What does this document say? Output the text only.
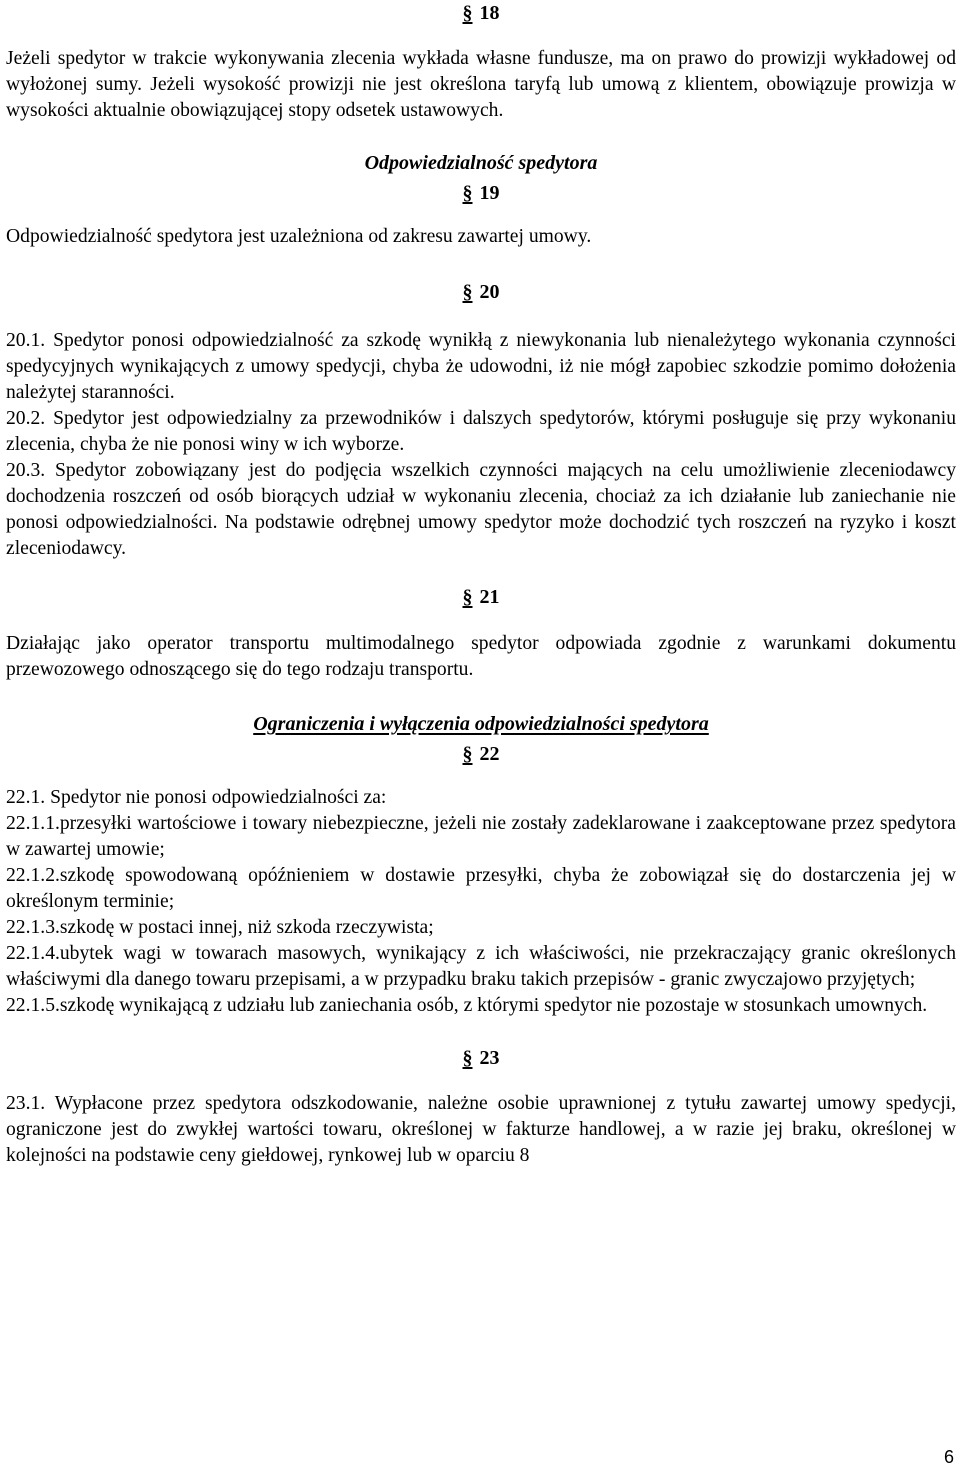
§ 18

Jeżeli spedytor w trakcie wykonywania zlecenia wykłada własne fundusze, ma on prawo do prowizji wykładowej od wyłożonej sumy. Jeżeli wysokość prowizji nie jest określona taryfą lub umową z klientem, obowiązuje prowizja w wysokości aktualnie obowiązującej stopy odsetek ustawowych.

Odpowiedzialność spedytora
§ 19

Odpowiedzialność spedytora jest uzależniona od zakresu zawartej umowy.

§ 20

20.1. Spedytor ponosi odpowiedzialność za szkodę wynikłą z niewykonania lub nienależytego wykonania czynności spedycyjnych wynikających z umowy spedycji, chyba że udowodni, iż nie mógł zapobiec szkodzie pomimo dołożenia należytej staranności.

20.2. Spedytor jest odpowiedzialny za przewodników i dalszych spedytorów, którymi posługuje się przy wykonaniu zlecenia, chyba że nie ponosi winy w ich wyborze.

20.3. Spedytor zobowiązany jest do podjęcia wszelkich czynności mających na celu umożliwienie zleceniodawcy dochodzenia roszczeń od osób biorących udział w wykonaniu zlecenia, chociaż za ich działanie lub zaniechanie nie ponosi odpowiedzialności. Na podstawie odrębnej umowy spedytor może dochodzić tych roszczeń na ryzyko i koszt zleceniodawcy.

§ 21

Działając jako operator transportu multimodalnego spedytor odpowiada zgodnie z warunkami dokumentu przewozowego odnoszącego się do tego rodzaju transportu.

Ograniczenia i wyłączenia odpowiedzialności spedytora
§ 22

22.1. Spedytor nie ponosi odpowiedzialności za:

22.1.1.przesyłki wartościowe i towary niebezpieczne, jeżeli nie zostały zadeklarowane i zaakceptowane przez spedytora w zawartej umowie;

22.1.2.szkodę spowodowaną opóźnieniem w dostawie przesyłki, chyba że zobowiązał się do dostarczenia jej w określonym terminie;

22.1.3.szkodę w postaci innej, niż szkoda rzeczywista;

22.1.4.ubytek wagi w towarach masowych, wynikający z ich właściwości, nie przekraczający granic określonych właściwymi dla danego towaru przepisami, a w przypadku braku takich przepisów - granic zwyczajowo przyjętych;

22.1.5.szkodę wynikającą z udziału lub zaniechania osób, z którymi spedytor nie pozostaje w stosunkach umownych.

§ 23

23.1. Wypłacone przez spedytora odszkodowanie, należne osobie uprawnionej z tytułu zawartej umowy spedycji, ograniczone jest do zwykłej wartości towaru, określonej w fakturze handlowej, a w razie jej braku, określonej w kolejności na podstawie ceny giełdowej, rynkowej lub w oparciu 8

6
